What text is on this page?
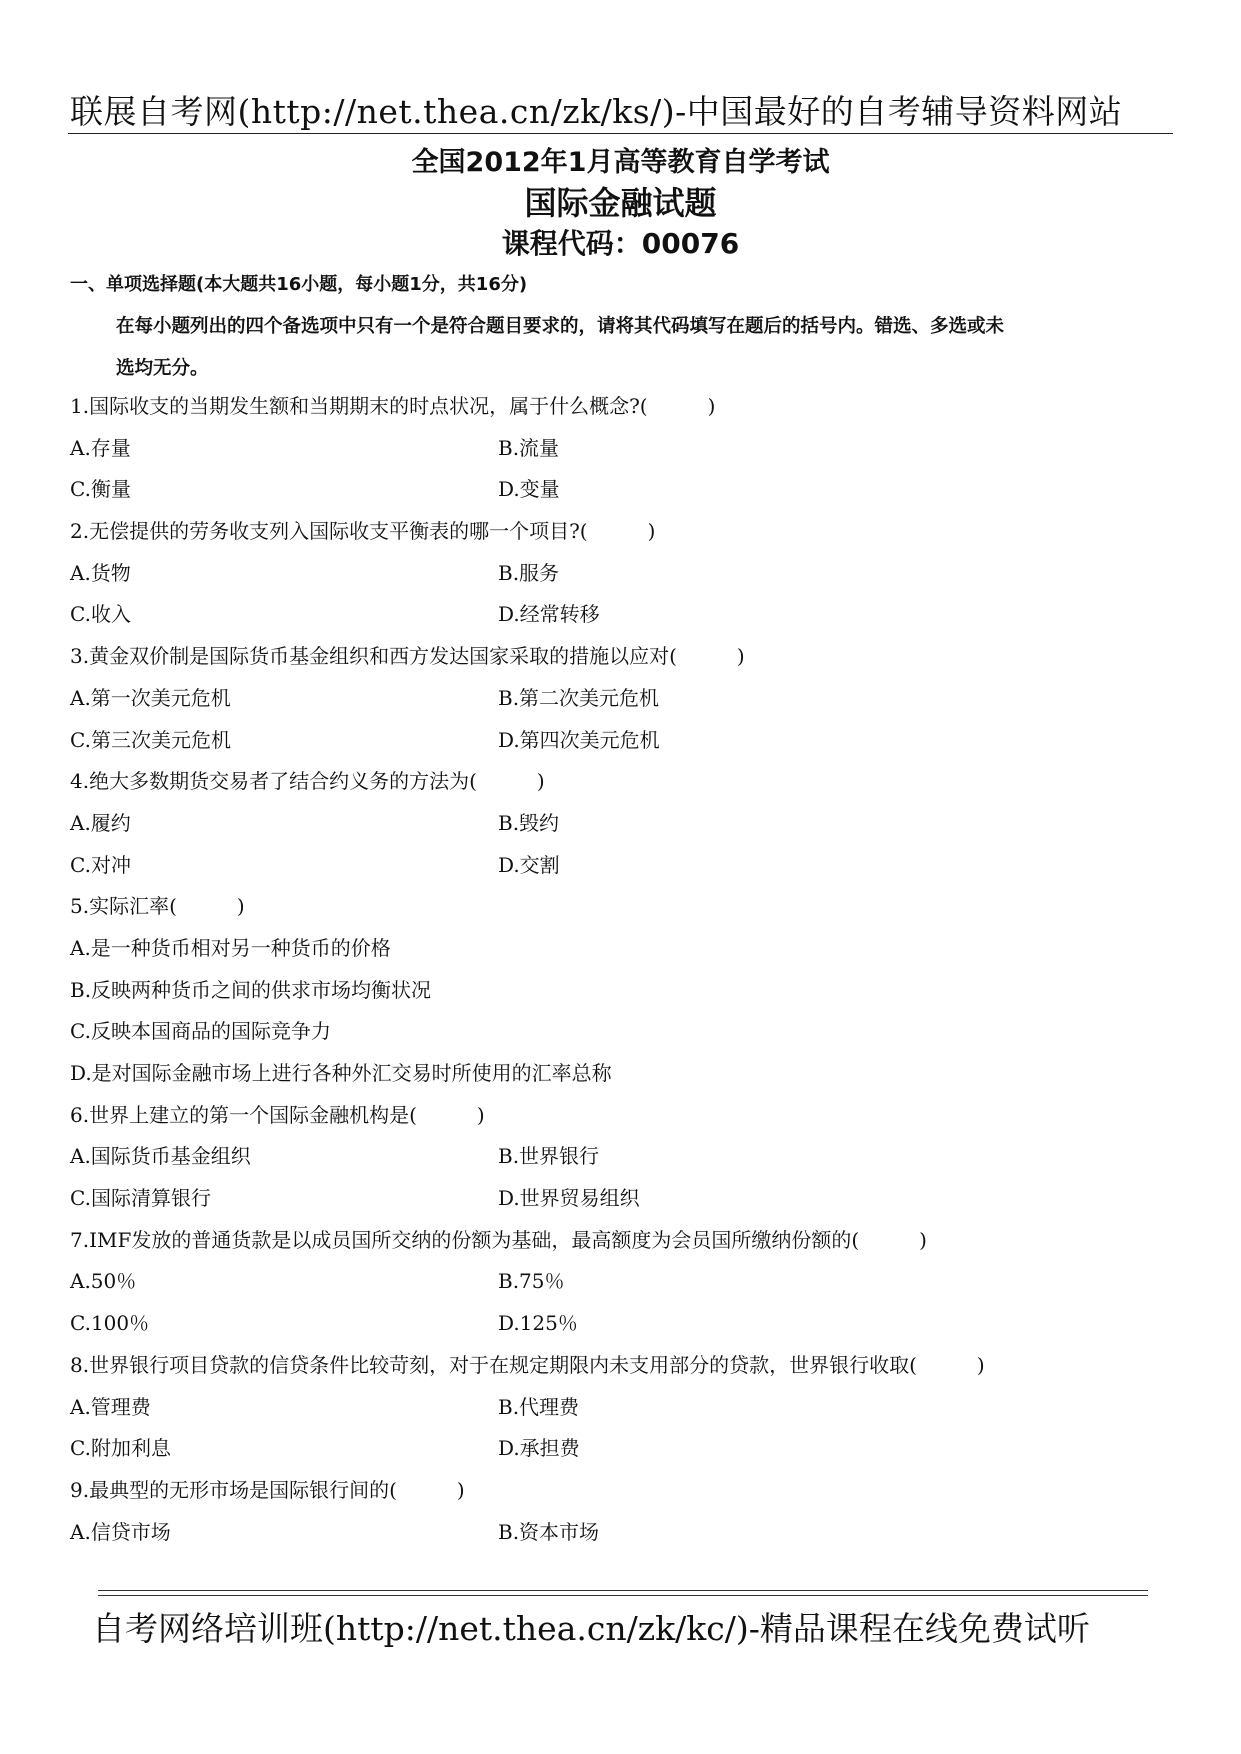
联展自考网(http://net.thea.cn/zk/ks/)-中国最好的自考辅导资料网站
全国2012年1月高等教育自学考试
国际金融试题
课程代码：00076
一、单项选择题(本大题共16小题，每小题1分，共16分)
在每小题列出的四个备选项中只有一个是符合题目要求的，请将其代码填写在题后的括号内。错选、多选或未
选均无分。
1.国际收支的当期发生额和当期期末的时点状况，属于什么概念?(　　　)
A.存量	B.流量
C.衡量	D.变量
2.无偿提供的劳务收支列入国际收支平衡表的哪一个项目?(　　　)
A.货物	B.服务
C.收入	D.经常转移
3.黄金双价制是国际货币基金组织和西方发达国家采取的措施以应对(　　　)
A.第一次美元危机	B.第二次美元危机
C.第三次美元危机	D.第四次美元危机
4.绝大多数期货交易者了结合约义务的方法为(　　　)
A.履约	B.毁约
C.对冲	D.交割
5.实际汇率(　　　)
A.是一种货币相对另一种货币的价格
B.反映两种货币之间的供求市场均衡状况
C.反映本国商品的国际竞争力
D.是对国际金融市场上进行各种外汇交易时所使用的汇率总称
6.世界上建立的第一个国际金融机构是(　　　)
A.国际货币基金组织	B.世界银行
C.国际清算银行	D.世界贸易组织
7.IMF发放的普通货款是以成员国所交纳的份额为基础，最高额度为会员国所缴纳份额的(　　　)
A.50％	B.75％
C.100％	D.125％
8.世界银行项目贷款的信贷条件比较苛刻，对于在规定期限内未支用部分的贷款，世界银行收取(　　　)
A.管理费	B.代理费
C.附加利息	D.承担费
9.最典型的无形市场是国际银行间的(　　　)
A.信贷市场	B.资本市场
自考网络培训班(http://net.thea.cn/zk/kc/)-精品课程在线免费试听
